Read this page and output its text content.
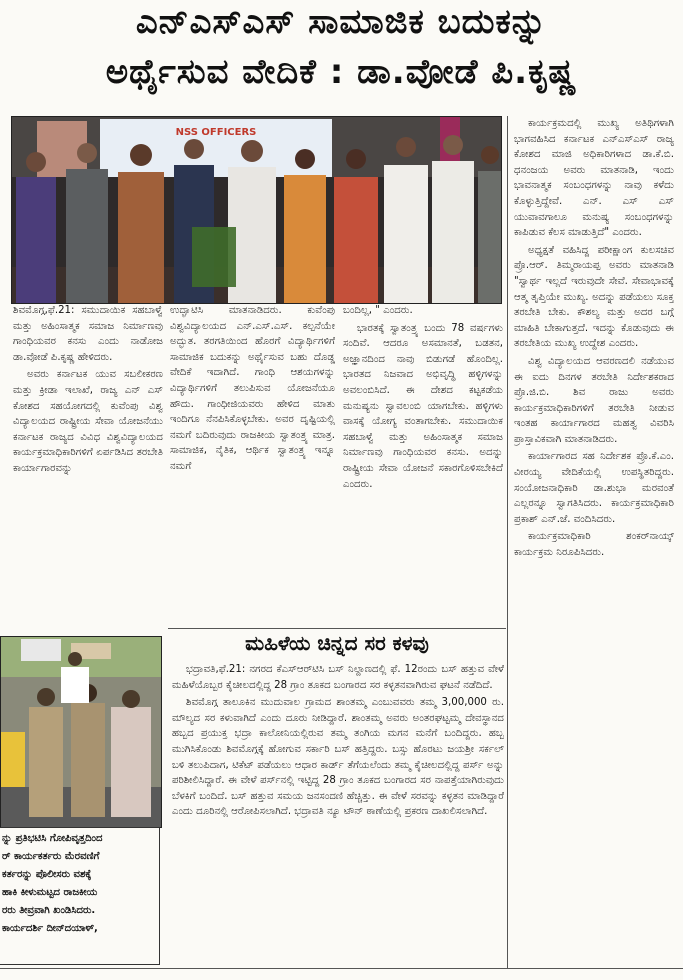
ಎನ್‌ಎಸ್‌ಎಸ್ ಸಾಮಾಜಿಕ ಬದುಕನ್ನು
ಅರ್ಥೈಸುವ ವೇದಿಕೆ : ಡಾ.ವೋಡೆ ಪಿ.ಕೃಷ್ಣ
NSS OFFICERS

ಶಿವಮೊಗ್ಗ,ಫೆ.21: ಸಮುದಾಯಿಕ ಸಹಬಾಳ್ವೆ ಮತ್ತು ಅಹಿಂಸಾತ್ಮಕ ಸಮಾಜ ನಿರ್ಮಾಣವು ಗಾಂಧಿಯವರ ಕನಸು ಎಂದು ನಾಡೋಜ ಡಾ.ವೋಡೆ ಪಿ.ಕೃಷ್ಣ ಹೇಳಿದರು.

ಅವರು ಕರ್ನಾಟಕ ಯುವ ಸಬಲೀಕರಣ ಮತ್ತು ಕ್ರೀಡಾ ಇಲಾಖೆ, ರಾಜ್ಯ ಎನ್ ಎಸ್ ಕೋಶದ ಸಹಯೋಗದಲ್ಲಿ ಕುವೆಂಪು ವಿಶ್ವ ವಿದ್ಯಾಲಯದ ರಾಷ್ಟ್ರೀಯ ಸೇವಾ ಯೋಜನೆಯು ಕರ್ನಾಟಕ ರಾಜ್ಯದ ವಿವಿಧ ವಿಶ್ವವಿದ್ಯಾಲಯದ ಕಾರ್ಯಕ್ರಮಾಧಿಕಾರಿಗಳಿಗೆ ಏರ್ಪಡಿಸಿದ ತರಬೇತಿ ಕಾರ್ಯಾಗಾರವನ್ನು

ಉದ್ಘಾಟಿಸಿ ಮಾತನಾಡಿದರು. ಕುವೆಂಪು ವಿಶ್ವವಿದ್ಯಾಲಯದ ಎನ್.ಎಸ್.ಎಸ್. ಕಲ್ಪನೆಯೇ ಅದ್ಭುತ. ತರಗತಿಯಿಂದ ಹೊರಗೆ ವಿದ್ಯಾರ್ಥಿಗಳಿಗೆ ಸಾಮಾಜಿಕ ಬದುಕನ್ನು ಅರ್ಥೈಸುವ ಬಹು ದೊಡ್ಡ ವೇದಿಕೆ ಇದಾಗಿದೆ. ಗಾಂಧಿ ಆಶಯಗಳನ್ನು ವಿದ್ಯಾರ್ಥಿಗಳಿಗೆ ತಲುಪಿಸುವ ಯೋಜನೆಯೂ ಹೌದು. ಗಾಂಧೀಜಿಯವರು ಹೇಳಿದ ಮಾತು ಇಂದಿಗೂ ನೆನಪಿಸಿಕೊಳ್ಳಬೇಕು. ಅವರ ದೃಷ್ಟಿಯಲ್ಲಿ ನಮಗೆ ಬದಿರುವುದು ರಾಜಕೀಯ ಸ್ವಾತಂತ್ರ್ಯ ಮಾತ್ರ. ಸಾಮಾಜಿಕ, ನೈತಿಕ, ಆರ್ಥಿಕ ಸ್ವಾತಂತ್ರ್ಯ ಇನ್ನೂ ನಮಗೆ

ಬಂದಿಲ್ಲ, " ಎಂದರು.

ಭಾರತಕ್ಕೆ ಸ್ವಾತಂತ್ರ್ಯ ಬಂದು 78 ವರ್ಷಗಳು ಸಂದಿವೆ. ಆದರೂ ಅಸಮಾನತೆ, ಬಡತನ, ಅಜ್ಞಾನದಿಂದ ನಾವು ಬಿಡುಗಡೆ ಹೊಂದಿಲ್ಲ. ಭಾರತದ ನಿಜವಾದ ಅಭಿವೃದ್ಧಿ ಹಳ್ಳಿಗಳನ್ನು ಅವಲಂಬಿಸಿದೆ. ಈ ದೇಶದ ಕಟ್ಟಕಡೆಯ ಮನುಷ್ಯನು ಸ್ವಾವಲಂಬಿ ಯಾಗಬೇಕು. ಹಳ್ಳಿಗಳು ವಾಸಕ್ಕೆ ಯೋಗ್ಯ ವಂತಾಗಬೇಕು. ಸಮುದಾಯಿಕ ಸಹಬಾಳ್ವೆ ಮತ್ತು ಅಹಿಂಸಾತ್ಮಕ ಸಮಾಜ ನಿರ್ಮಾಣವು ಗಾಂಧಿಯವರ ಕನಸು. ಅದನ್ನು ರಾಷ್ಟ್ರೀಯ ಸೇವಾ ಯೋಜನೆ ಸಕಾರಗೊಳಿಸಬೇಕಿದೆ ಎಂದರು.

ಕಾರ್ಯಕ್ರಮದಲ್ಲಿ ಮುಖ್ಯ ಅತಿಥಿಗಳಾಗಿ ಭಾಗವಹಿಸಿದ ಕರ್ನಾಟಕ ಎನ್‌ಎಸ್‌ಎಸ್ ರಾಜ್ಯ ಕೋಶದ ಮಾಜಿ ಅಧಿಕಾರಿಗಳಾದ ಡಾ.ಕೆ.ಬಿ. ಧನಂಜಯ ಅವರು ಮಾತನಾಡಿ, ಇಂದು ಭಾವನಾತ್ಮಕ ಸಂಬಂಧಗಳನ್ನು ನಾವು ಕಳೆದು ಕೊಳ್ಳುತ್ತಿದ್ದೇವೆ. ಎನ್. ಎಸ್ ಎಸ್ ಯುವಾವಗಾಲೂ ಮನುಷ್ಯ ಸಂಬಂಧಗಳನ್ನು ಕಾಪಿಡುವ ಕೆಲಸ ಮಾಡುತ್ತಿದೆ" ಎಂದರು.

ಅಧ್ಯಕ್ಷತೆ ವಹಿಸಿದ್ದ ಪರೀಕ್ಷಾಂಗ ಕುಲಸಚಿವ ಪ್ರೊ.ಆರ್. ತಿಮ್ಮರಾಯಪ್ಪ ಅವರು ಮಾತನಾಡಿ "ಸ್ವಾರ್ಥ ಇಲ್ಲದೆ ಇರುವುದೇ ಸೇವೆ. ಸೇವಾಭಾವಕ್ಕೆ ಆತ್ಮ ತೃಪ್ತಿಯೇ ಮುಖ್ಯ. ಅದನ್ನು ಪಡೆಯಲು ಸೂಕ್ತ ತರಬೇತಿ ಬೇಕು. ಕೌಶಲ್ಯ ಮತ್ತು ಅದರ ಬಗ್ಗೆ ಮಾಹಿತಿ ಬೇಕಾಗುತ್ತದೆ. ಇದನ್ನು ಕೊಡುವುದು ಈ ತರಬೇತಿಯ ಮುಖ್ಯ ಉದ್ದೇಶ ಎಂದರು.

ವಿಶ್ವ ವಿದ್ಯಾಲಯದ ಆವರಣದಲಿ ನಡೆಯುವ ಈ ಐದು ದಿನಗಳ ತರಬೇತಿ ನಿರ್ದೇಶಕರಾದ ಪ್ರೊ.ಜಿ.ಬಿ. ಶಿವ ರಾಜು ಅವರು ಕಾರ್ಯಕ್ರಮಾಧಿಕಾರಿಗಳಿಗೆ ತರಬೇತಿ ನೀಡುವ ಇಂತಹ ಕಾರ್ಯಾಗಾರದ ಮಹತ್ವ ವಿವರಿಸಿ ಪ್ರಾಸ್ತಾವಿಕವಾಗಿ ಮಾತನಾಡಿದರು.

ಕಾರ್ಯಾಗಾರದ ಸಹ ನಿರ್ದೇಶಕ ಪ್ರೊ.ಕೆ.ಎಂ. ವೀರಯ್ಯ ವೇದಿಕೆಯಲ್ಲಿ ಉಪಸ್ಥಿತರಿದ್ದರು. ಸಂಯೋಜನಾಧಿಕಾರಿ ಡಾ.ಶುಭಾ ಮರವಂತೆ ಎಲ್ಲರನ್ನೂ ಸ್ವಾಗತಿಸಿದರು. ಕಾರ್ಯಕ್ರಮಾಧಿಕಾರಿ ಪ್ರಕಾಶ್ ಎನ್.ಜೆ. ವಂದಿಸಿದರು.

ಕಾರ್ಯಕ್ರಮಾಧಿಕಾರಿ ಶಂಕರ್‌ನಾಯ್ಕ್ ಕಾರ್ಯಕ್ರಮ ನಿರೂಪಿಸಿದರು.

ಮಹಿಳೆಯ ಚಿನ್ನದ ಸರ ಕಳವು

ಭದ್ರಾವತಿ,ಫೆ.21: ನಗರದ ಕೆಎಸ್‌ಆರ್‌ಟಿಸಿ ಬಸ್ ನಿಲ್ದಾಣದಲ್ಲಿ ಫೆ. 12ರಂದು ಬಸ್ ಹತ್ತುವ ವೇಳೆ ಮಹಿಳೆಯೊಬ್ಬರ ಕೈಚೀಲದಲ್ಲಿದ್ದ 28 ಗ್ರಾಂ ತೂಕದ ಬಂಗಾರದ ಸರ ಕಳ್ಳತನವಾಗಿರುವ ಘಟನೆ ನಡೆದಿದೆ.

ಶಿವಮೊಗ್ಗ ತಾಲೂಕಿನ ಮುದುವಾಲ ಗ್ರಾಮದ ಶಾಂತಮ್ಮ ಎಂಬುವವರು ತಮ್ಮ 3,00,000 ರು. ಮೌಲ್ಯದ ಸರ ಕಳುವಾಗಿದೆ ಎಂದು ದೂರು ನೀಡಿದ್ದಾರೆ. ಶಾಂತಮ್ಮ ಅವರು ಅಂತರಘಟ್ಟಮ್ಮ ದೇವಸ್ಥಾನದ ಹಬ್ಬದ ಪ್ರಯುಕ್ತ ಭದ್ರಾ ಕಾಲೋನಿಯಲ್ಲಿರುವ ತಮ್ಮ ತಂಗಿಯ ಮಗನ ಮನೆಗೆ ಬಂದಿದ್ದರು. ಹಬ್ಬ ಮುಗಿಸಿಕೊಂಡು ಶಿವಮೊಗ್ಗಕ್ಕೆ ಹೋಗುವ ಸರ್ಕಾರಿ ಬಸ್ ಹತ್ತಿದ್ದರು. ಬಸ್ಸು ಹೊರಟು ಜಯಶ್ರೀ ಸರ್ಕಲ್ ಬಳಿ ತಲುಪಿದಾಗ, ಟಿಕೆಟ್ ಪಡೆಯಲು ಆಧಾರ ಕಾರ್ಡ್ ತೆಗೆಯಲೆಂದು ತಮ್ಮ ಕೈಚೀಲದಲ್ಲಿದ್ದ ಪರ್ಸ್ ಅನ್ನು ಪರಿಶೀಲಿಸಿದ್ದಾರೆ. ಈ ವೇಳೆ ಪರ್ಸ್‌ನಲ್ಲಿ ಇಟ್ಟಿದ್ದ 28 ಗ್ರಾಂ ತೂಕದ ಬಂಗಾರದ ಸರ ನಾಪತ್ತೆಯಾಗಿರುವುದು ಬೆಳಕಿಗೆ ಬಂದಿದೆ. ಬಸ್ ಹತ್ತುವ ಸಮಯ ಜನಸಂದಣಿ ಹೆಚ್ಚಿತ್ತು. ಈ ವೇಳೆ ಸರವನ್ನು ಕಳ್ಳತನ ಮಾಡಿದ್ದಾರೆ ಎಂದು ದೂರಿನಲ್ಲಿ ಆರೋಪಿಸಲಾಗಿದೆ. ಭದ್ರಾವತಿ ನ್ಯೂ ಟೌನ್ ಠಾಣೆಯಲ್ಲಿ ಪ್ರಕರಣ ದಾಖಲಿಸಲಾಗಿದೆ.

ನ್ನು ಪ್ರತಿಭಟಿಸಿ ಗೋಪಿವೃತ್ತದಿಂದ
ರ್ ಕಾರ್ಯಕರ್ತರು ಮೆರವಣಿಗೆ
ಕರ್ತರನ್ನು ಪೊಲೀಸರು ವಶಕ್ಕೆ
ಹಾಕಿ ಕೀಳುಮಟ್ಟದ ರಾಜಕೀಯ
ರರು ತೀವ್ರವಾಗಿ ಖಂಡಿಸಿದರು.
ಕಾರ್ಯದರ್ಶಿ ದೀನ್‌ದಯಾಳ್,
